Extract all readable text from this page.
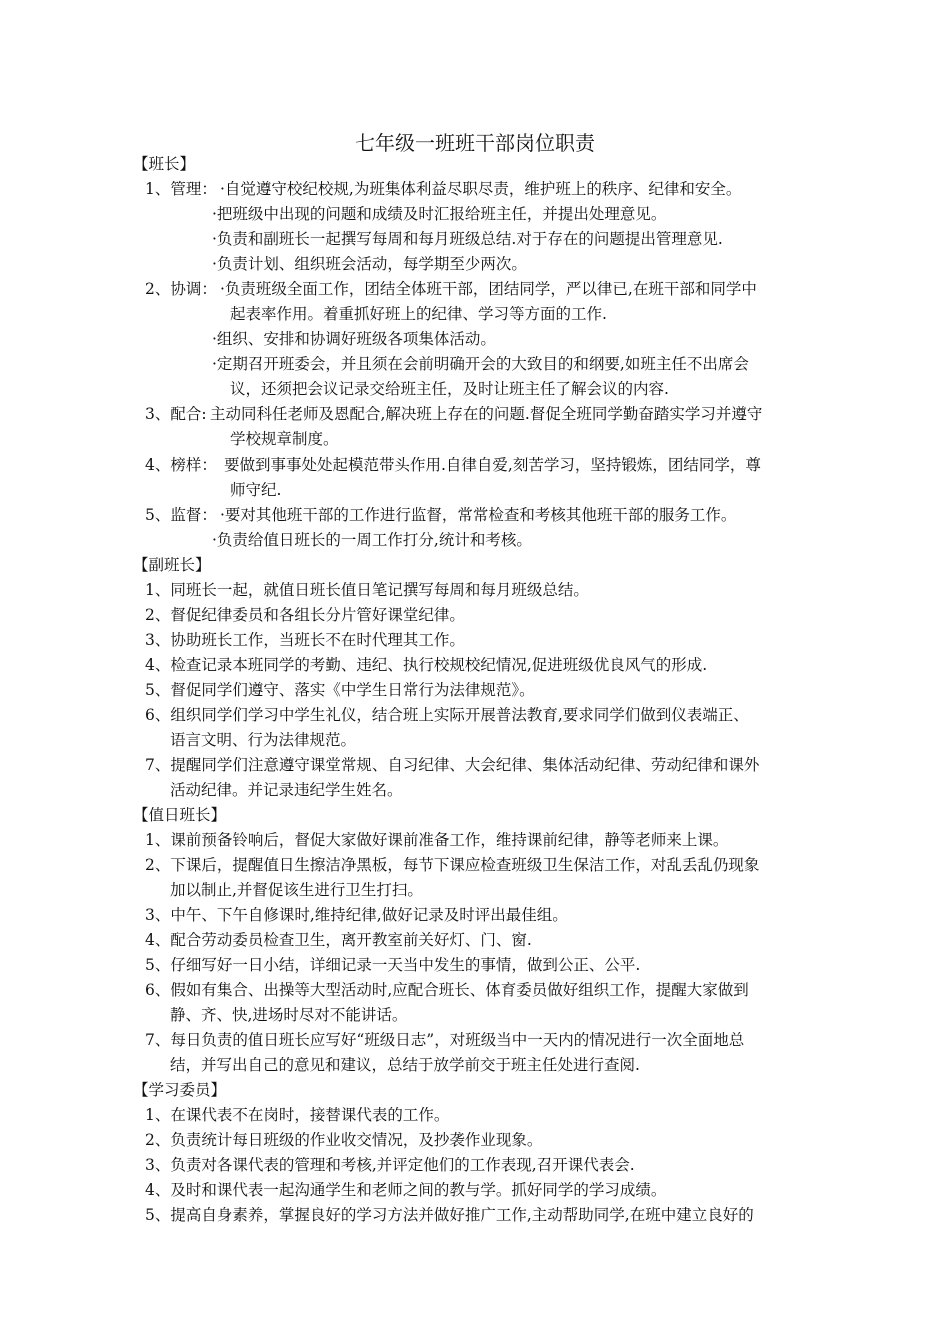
七年级一班班干部岗位职责
【班长】
1、管理： ·自觉遵守校纪校规,为班集体利益尽职尽责，维护班上的秩序、纪律和安全。
·把班级中出现的问题和成绩及时汇报给班主任，并提出处理意见。
·负责和副班长一起撰写每周和每月班级总结.对于存在的问题提出管理意见.
·负责计划、组织班会活动，每学期至少两次。
2、协调： ·负责班级全面工作，团结全体班干部，团结同学，严以律已,在班干部和同学中
起表率作用。着重抓好班上的纪律、学习等方面的工作.
·组织、安排和协调好班级各项集体活动。
·定期召开班委会，并且须在会前明确开会的大致目的和纲要,如班主任不出席会
议，还须把会议记录交给班主任，及时让班主任了解会议的内容.
3、配合: 主动同科任老师及恩配合,解决班上存在的问题.督促全班同学勤奋踏实学习并遵守
学校规章制度。
4、榜样： 要做到事事处处起模范带头作用.自律自爱,刻苦学习，坚持锻炼，团结同学，尊
师守纪.
5、监督： ·要对其他班干部的工作进行监督，常常检查和考核其他班干部的服务工作。
·负责给值日班长的一周工作打分,统计和考核。
【副班长】
1、同班长一起，就值日班长值日笔记撰写每周和每月班级总结。
2、督促纪律委员和各组长分片管好课堂纪律。
3、协助班长工作，当班长不在时代理其工作。
4、检查记录本班同学的考勤、违纪、执行校规校纪情况,促进班级优良风气的形成.
5、督促同学们遵守、落实《中学生日常行为法律规范》。
6、组织同学们学习中学生礼仪，结合班上实际开展普法教育,要求同学们做到仪表端正、
语言文明、行为法律规范。
7、提醒同学们注意遵守课堂常规、自习纪律、大会纪律、集体活动纪律、劳动纪律和课外
活动纪律。并记录违纪学生姓名。
【值日班长】
1、课前预备铃响后，督促大家做好课前准备工作，维持课前纪律，静等老师来上课。
2、下课后，提醒值日生擦洁净黑板，每节下课应检查班级卫生保洁工作，对乱丢乱仍现象
加以制止,并督促该生进行卫生打扫。
3、中午、下午自修课时,维持纪律,做好记录及时评出最佳组。
4、配合劳动委员检查卫生，离开教室前关好灯、门、窗.
5、仔细写好一日小结，详细记录一天当中发生的事情，做到公正、公平.
6、假如有集合、出操等大型活动时,应配合班长、体育委员做好组织工作，提醒大家做到
静、齐、快,进场时尽对不能讲话。
7、每日负责的值日班长应写好“班级日志”，对班级当中一天内的情况进行一次全面地总
结，并写出自己的意见和建议，总结于放学前交于班主任处进行查阅.
【学习委员】
1、在课代表不在岗时，接替课代表的工作。
2、负责统计每日班级的作业收交情况，及抄袭作业现象。
3、负责对各课代表的管理和考核,并评定他们的工作表现,召开课代表会.
4、及时和课代表一起沟通学生和老师之间的教与学。抓好同学的学习成绩。
5、提高自身素养，掌握良好的学习方法并做好推广工作,主动帮助同学,在班中建立良好的
